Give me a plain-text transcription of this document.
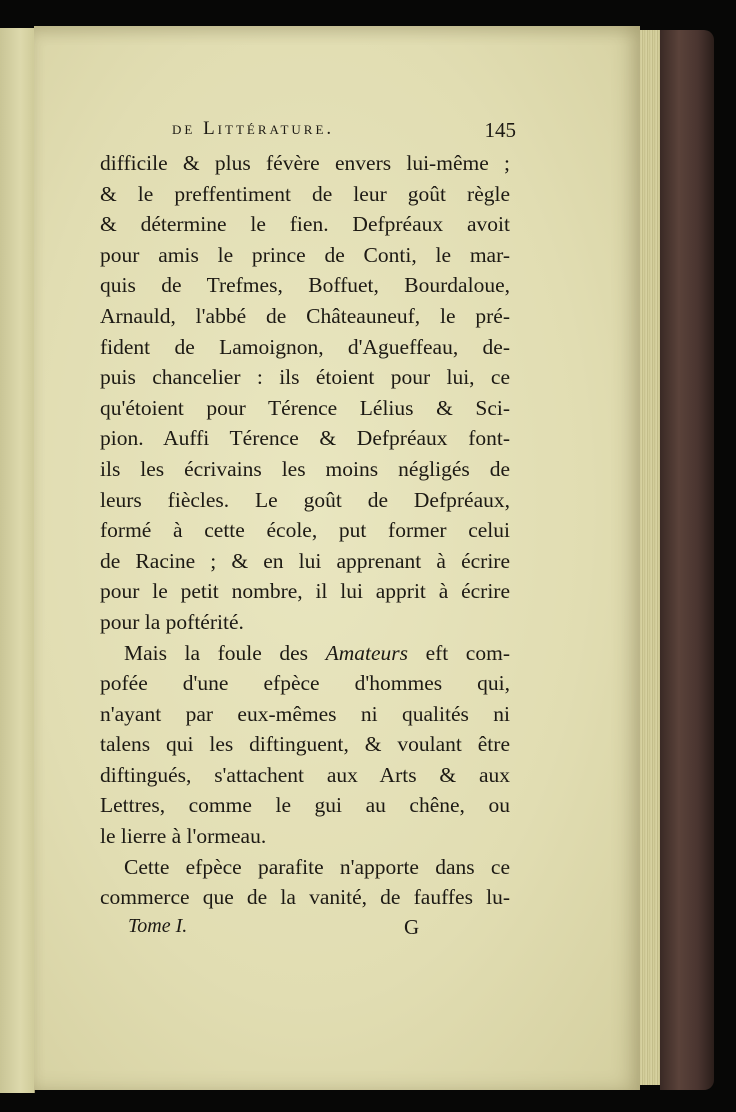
de Littérature.	145
difficile & plus févère envers lui-même ;
& le preffentiment de leur goût règle
& détermine le fien. Defpréaux avoit
pour amis le prince de Conti, le mar-
quis de Trefmes, Boffuet, Bourdaloue,
Arnauld, l'abbé de Châteauneuf, le pré-
fident de Lamoignon, d'Agueffeau, de-
puis chancelier : ils étoient pour lui, ce
qu'étoient pour Térence Lélius & Sci-
pion. Auffi Térence & Defpréaux font-
ils les écrivains les moins négligés de
leurs fiècles. Le goût de Defpréaux,
formé à cette école, put former celui
de Racine ; & en lui apprenant à écrire
pour le petit nombre, il lui apprit à écrire
pour la poftérité.
Mais la foule des Amateurs eft com-
pofée d'une efpèce d'hommes qui,
n'ayant par eux-mêmes ni qualités ni
talens qui les diftinguent, & voulant être
diftingués, s'attachent aux Arts & aux
Lettres, comme le gui au chêne, ou
le lierre à l'ormeau.
Cette efpèce parafite n'apporte dans ce
commerce que de la vanité, de fauffes lu-
Tome I.	G
